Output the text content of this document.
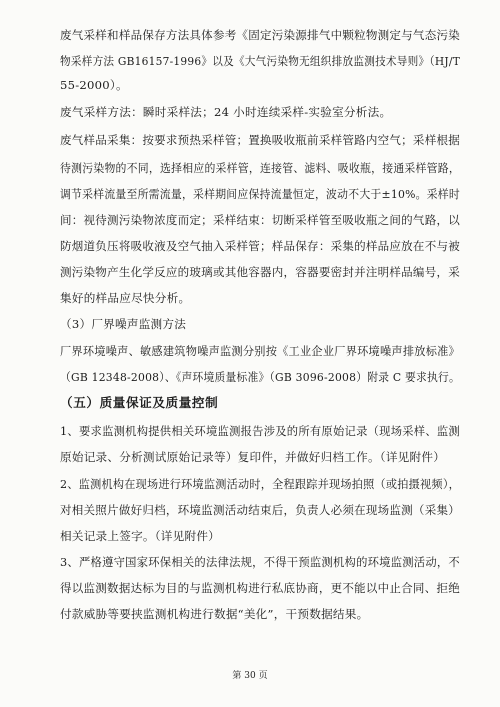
废气采样和样品保存方法具体参考《固定污染源排气中颗粒物测定与气态污染

物采样方法 GB16157-1996》以及《大气污染物无组织排放监测技术导则》（HJ/T

55-2000）。

废气采样方法：瞬时采样法；24 小时连续采样-实验室分析法。

废气样品采集：按要求预热采样管；置换吸收瓶前采样管路内空气；采样根据

待测污染物的不同，选择相应的采样管，连接管、滤料、吸收瓶，接通采样管路，

调节采样流量至所需流量，采样期间应保持流量恒定，波动不大于±10%。采样时

间：视待测污染物浓度而定；采样结束：切断采样管至吸收瓶之间的气路，以

防烟道负压将吸收液及空气抽入采样管；样品保存：采集的样品应放在不与被

测污染物产生化学反应的玻璃或其他容器内，容器要密封并注明样品编号，采

集好的样品应尽快分析。

（3）厂界噪声监测方法

厂界环境噪声、敏感建筑物噪声监测分别按《工业企业厂界环境噪声排放标准》

（GB 12348-2008）、《声环境质量标准》（GB 3096-2008）附录 C 要求执行。

（五）质量保证及质量控制

1、要求监测机构提供相关环境监测报告涉及的所有原始记录（现场采样、监测

原始记录、分析测试原始记录等）复印件，并做好归档工作。（详见附件）

2、监测机构在现场进行环境监测活动时，全程跟踪并现场拍照（或拍摄视频），

对相关照片做好归档，环境监测活动结束后，负责人必须在现场监测（采集）

相关记录上签字。（详见附件）

3、严格遵守国家环保相关的法律法规，不得干预监测机构的环境监测活动，不

得以监测数据达标为目的与监测机构进行私底协商，更不能以中止合同、拒绝

付款威胁等要挟监测机构进行数据“美化”，干预数据结果。

第 30 页
